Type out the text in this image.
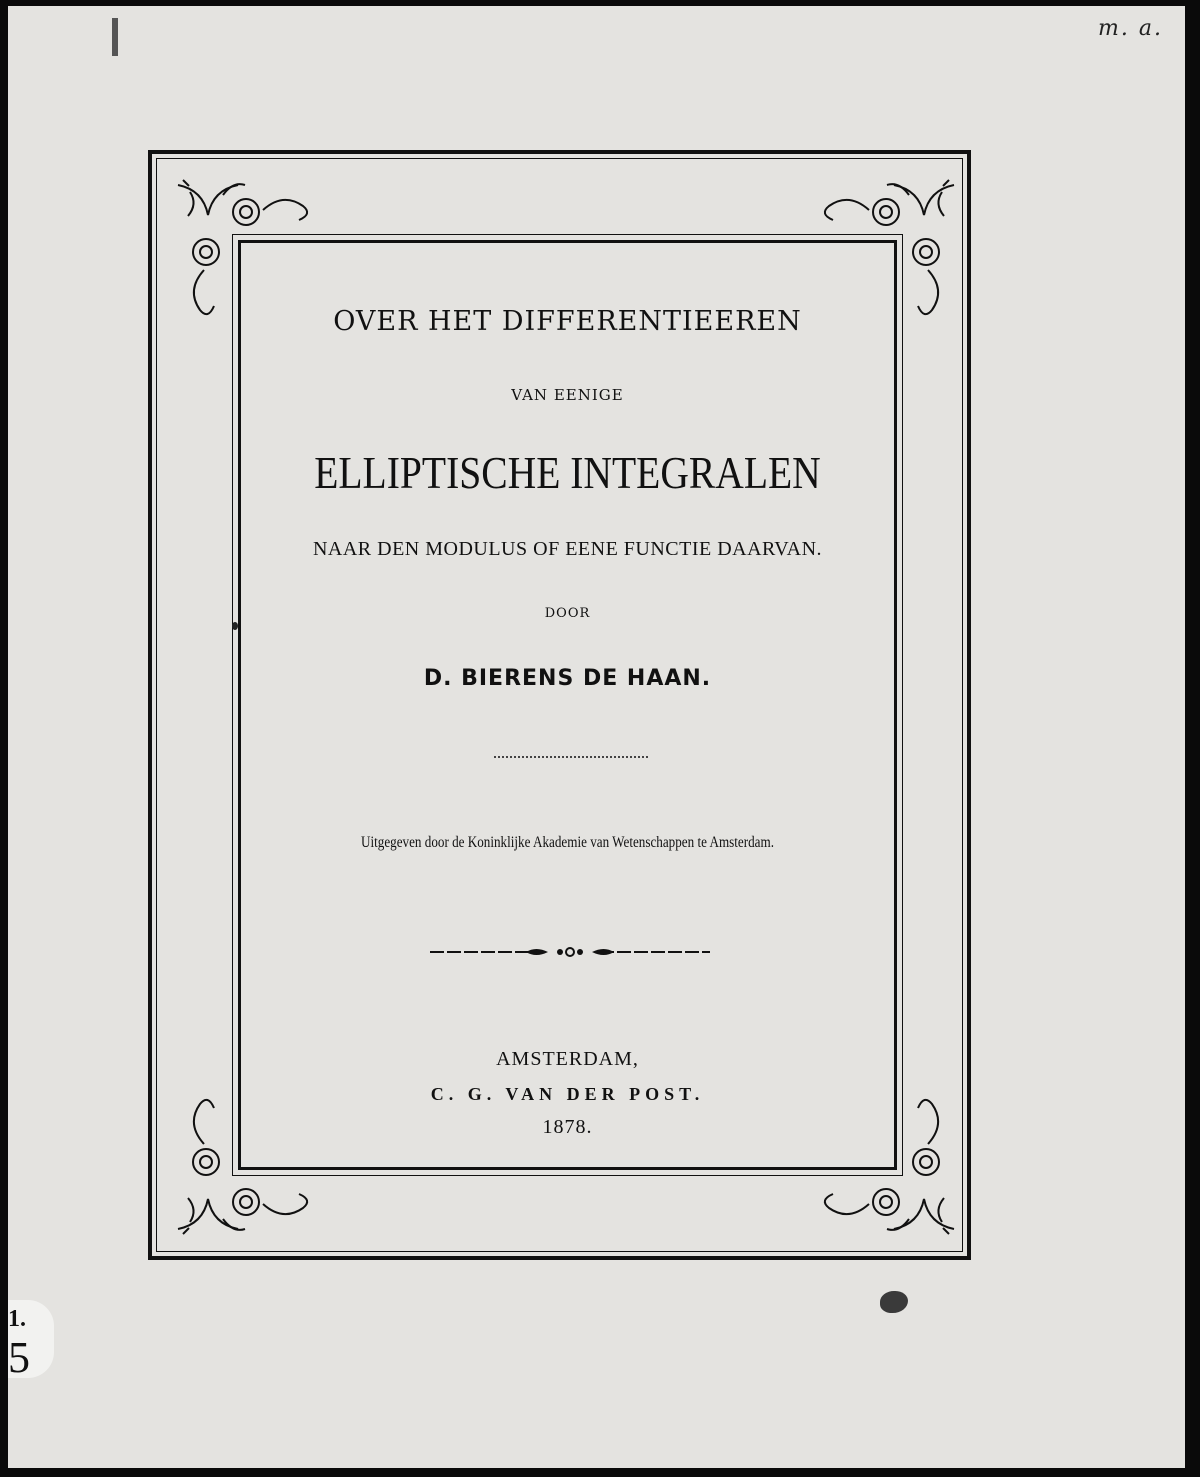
m. a.
OVER HET DIFFERENTIEEREN
VAN EENIGE
ELLIPTISCHE INTEGRALEN
NAAR DEN MODULUS OF EENE FUNCTIE DAARVAN.
DOOR
D. BIERENS DE HAAN.
Uitgegeven door de Koninklijke Akademie van Wetenschappen te Amsterdam.
AMSTERDAM,
C. G. VAN DER POST.
1878.
1.
5
